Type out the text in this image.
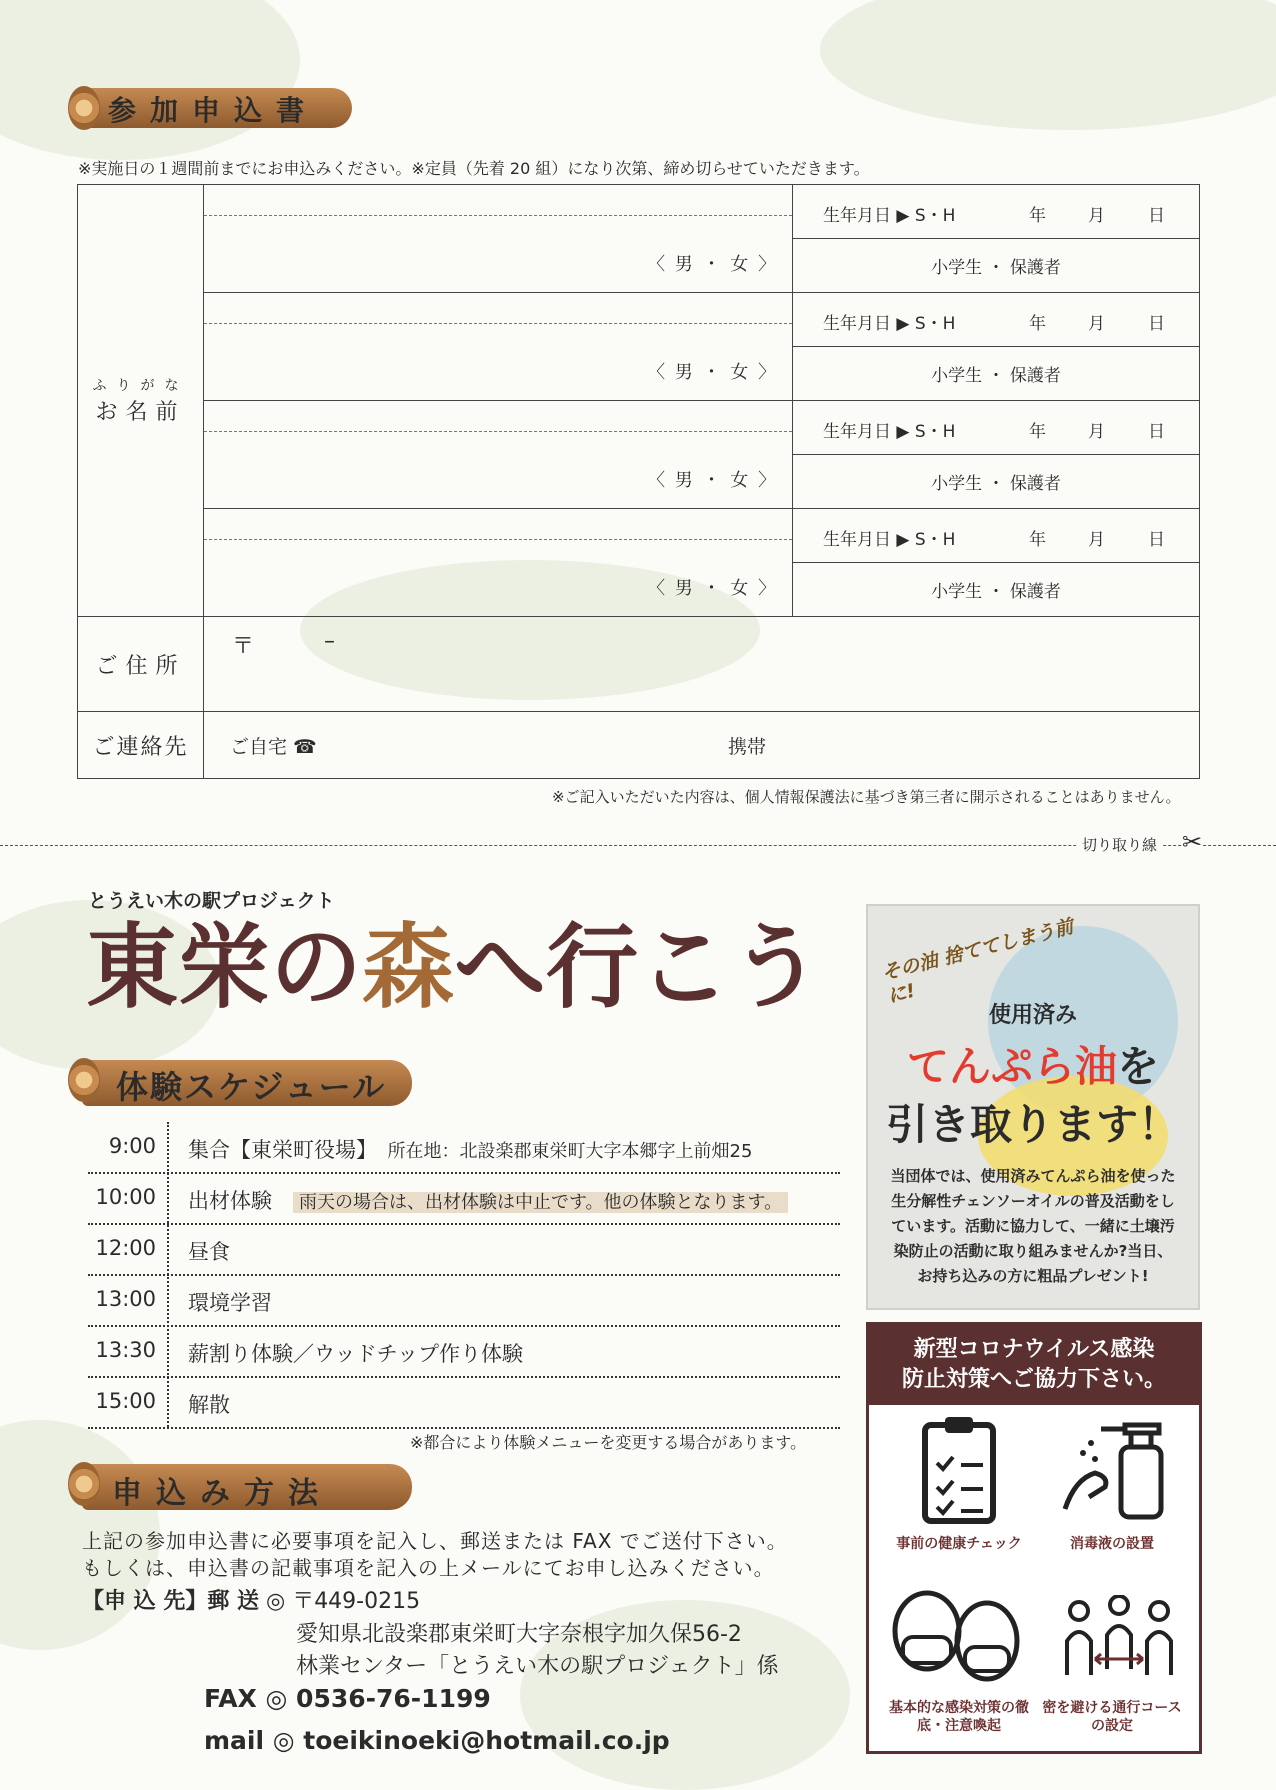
参加申込書
※実施日の１週間前までにお申込みください。※定員（先着 20 組）になり次第、締め切らせていただきます。
ふりがな
お名前	〈 男 ・ 女 〉	生年月日 ▶ S・H 年 月 日

		小学生 ・ 保護者

	〈 男 ・ 女 〉	生年月日 ▶ S・H 年 月 日

		小学生 ・ 保護者

	〈 男 ・ 女 〉	生年月日 ▶ S・H 年 月 日

		小学生 ・ 保護者

	〈 男 ・ 女 〉	生年月日 ▶ S・H 年 月 日

		小学生 ・ 保護者
ご住所	〒 –	

ご連絡先	ご自宅 ☎ 携帯	
※ご記入いただいた内容は、個人情報保護法に基づき第三者に開示されることはありません。
切り取り線 ✂
とうえい木の駅プロジェクト
東栄の森へ行こう
体験スケジュール
9:00 集合【東栄町役場】　 所在地：北設楽郡東栄町大字本郷字上前畑25
10:00 出材体験　 雨天の場合は、出材体験は中止です。他の体験となります。
12:00 昼食
13:00 環境学習
13:30 薪割り体験／ウッドチップ作り体験
15:00 解散
※都合により体験メニューを変更する場合があります。
申込み方法
上記の参加申込書に必要事項を記入し、郵送または FAX でご送付下さい。
もしくは、申込書の記載事項を記入の上メールにてお申し込みください。
【申 込 先】郵 送 ◎ 〒449-0215
愛知県北設楽郡東栄町大字奈根字加久保56-2
林業センター「とうえい木の駅プロジェクト」係
FAX ◎ 0536-76-1199
mail ◎ toeikinoeki@hotmail.co.jp
その油 捨ててしまう前に!
使用済み
てんぷら油を
引き取ります！
当団体では、使用済みてんぷら油を使った生分解性チェンソーオイルの普及活動をしています。活動に協力して、一緒に土壌汚染防止の活動に取り組みませんか?当日、お持ち込みの方に粗品プレゼント!
新型コロナウイルス感染
防止対策へご協力下さい。
事前の健康チェック	消毒液の設置
基本的な感染対策の徹底・注意喚起
密を避ける通行コースの設定
